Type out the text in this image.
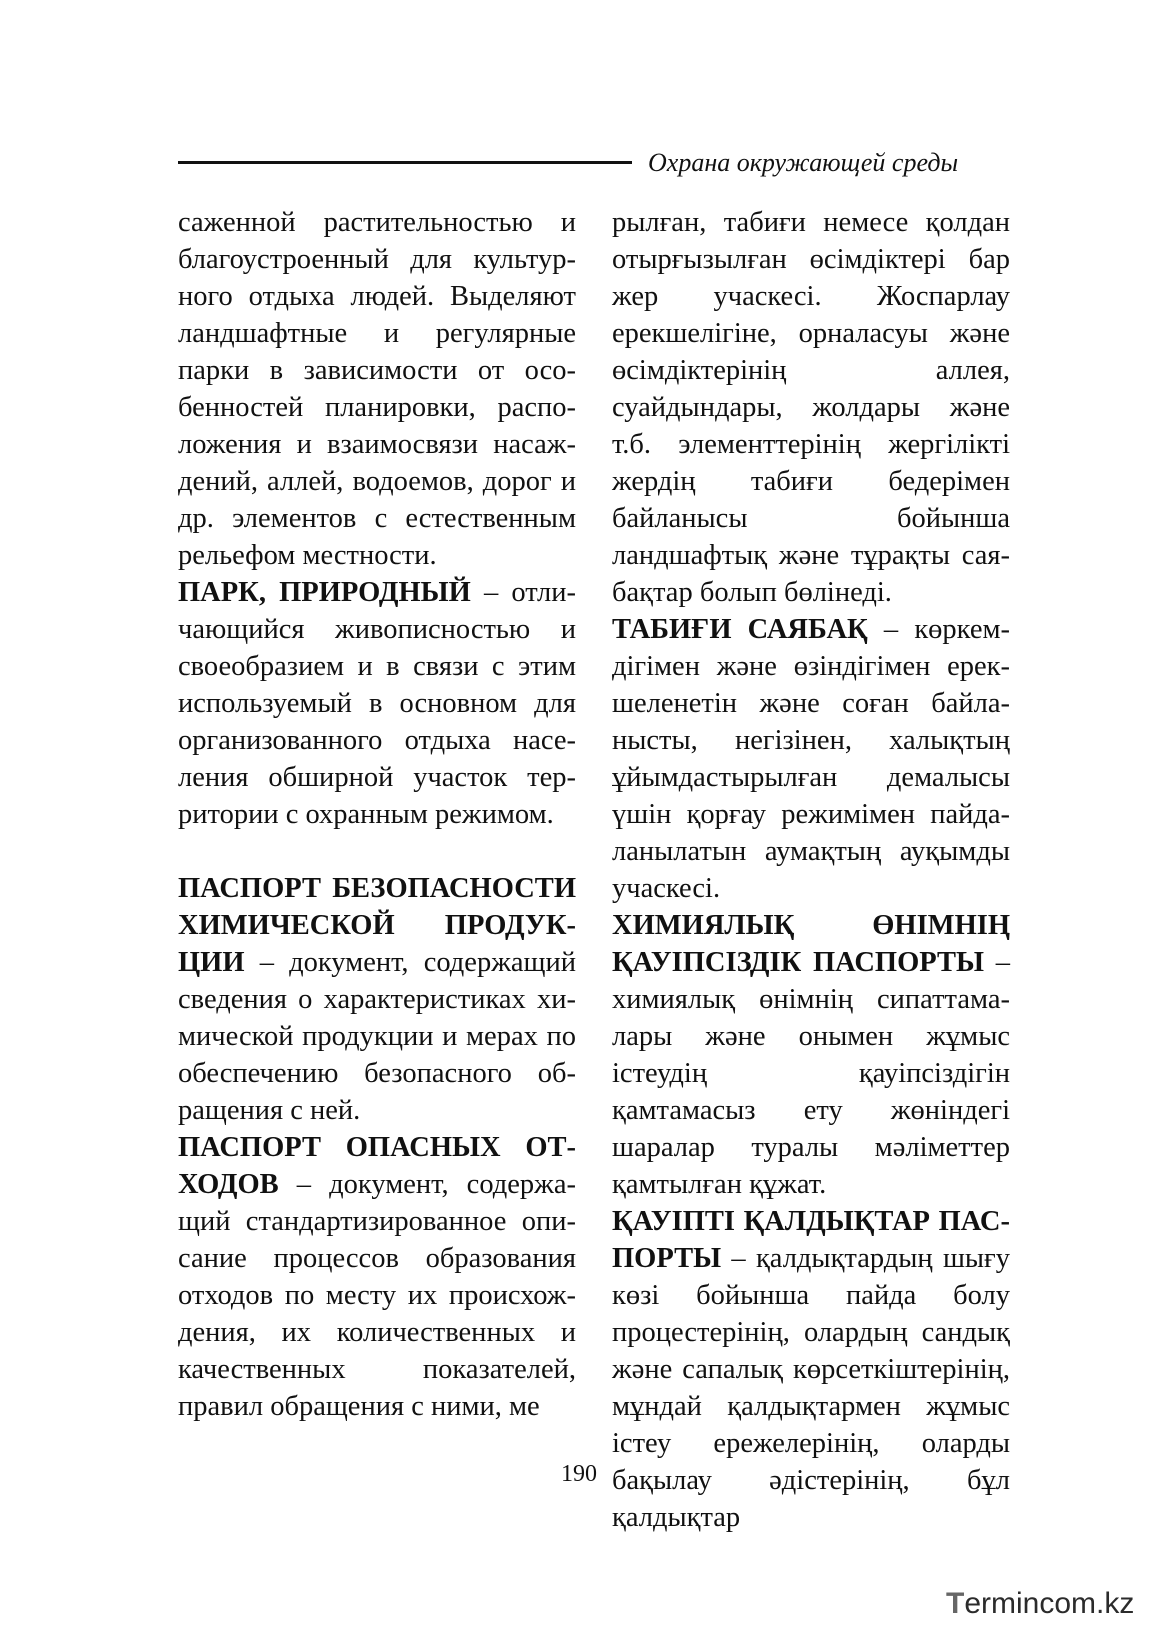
Охрана окружающей среды

саженной растительностью и благоустроенный для культурного отдыха людей. Выделяют ландшафтные и регулярные парки в зависимости от особенностей планировки, расположения и взаимосвязи насаждений, аллей, водоемов, дорог и др. элементов с естественным рельефом местности.

ПАРК, ПРИРОДНЫЙ – отличающийся живописностью и своеобразием и в связи с этим используемый в основном для организованного отдыха населения обширной участок территории с охранным режимом.

ПАСПОРТ БЕЗОПАСНОСТИ ХИМИЧЕСКОЙ ПРОДУКЦИИ – документ, содержащий сведения о характеристиках химической продукции и мерах по обеспечению безопасного обращения с ней.

ПАСПОРТ ОПАСНЫХ ОТХОДОВ – документ, содержащий стандартизированное описание процессов образования отходов по месту их происхождения, их количественных и качественных показателей, правил обращения с ними, ме

рылған, табиғи немесе қолдан отырғызылған өсімдіктері бар жер учаскесі. Жоспарлау ерекшелігіне, орналасуы және өсімдіктерінің аллея, суайдындары, жолдары және т.б. элементтерінің жергілікті жердің табиғи бедерімен байланысы бойынша ландшафтық және тұрақты саябақтар болып бөлінеді.

ТАБИҒИ САЯБАҚ – көркемдігімен және өзіндігімен ерекшеленетін және соған байланысты, негізінен, халықтың ұйымдастырылған демалысы үшін қорғау режимімен пайдаланылатын аумақтың ауқымды учаскесі.

ХИМИЯЛЫҚ ӨНІМНІҢ ҚАУІПСІЗДІК ПАСПОРТЫ – химиялық өнімнің сипаттамалары және онымен жұмыс істеудің қауіпсіздігін қамтамасыз ету жөніндегі шаралар туралы мәліметтер қамтылған құжат.

ҚАУІПТІ ҚАЛДЫҚТАР ПАСПОРТЫ – қалдықтардың шығу көзі бойынша пайда болу процестерінің, олардың сандық және сапалық көрсеткіштерінің, мұндай қалдықтармен жұмыс істеу ережелерінің, оларды бақылау әдістерінің, бұл қалдықтар

190
Termincom.kz
